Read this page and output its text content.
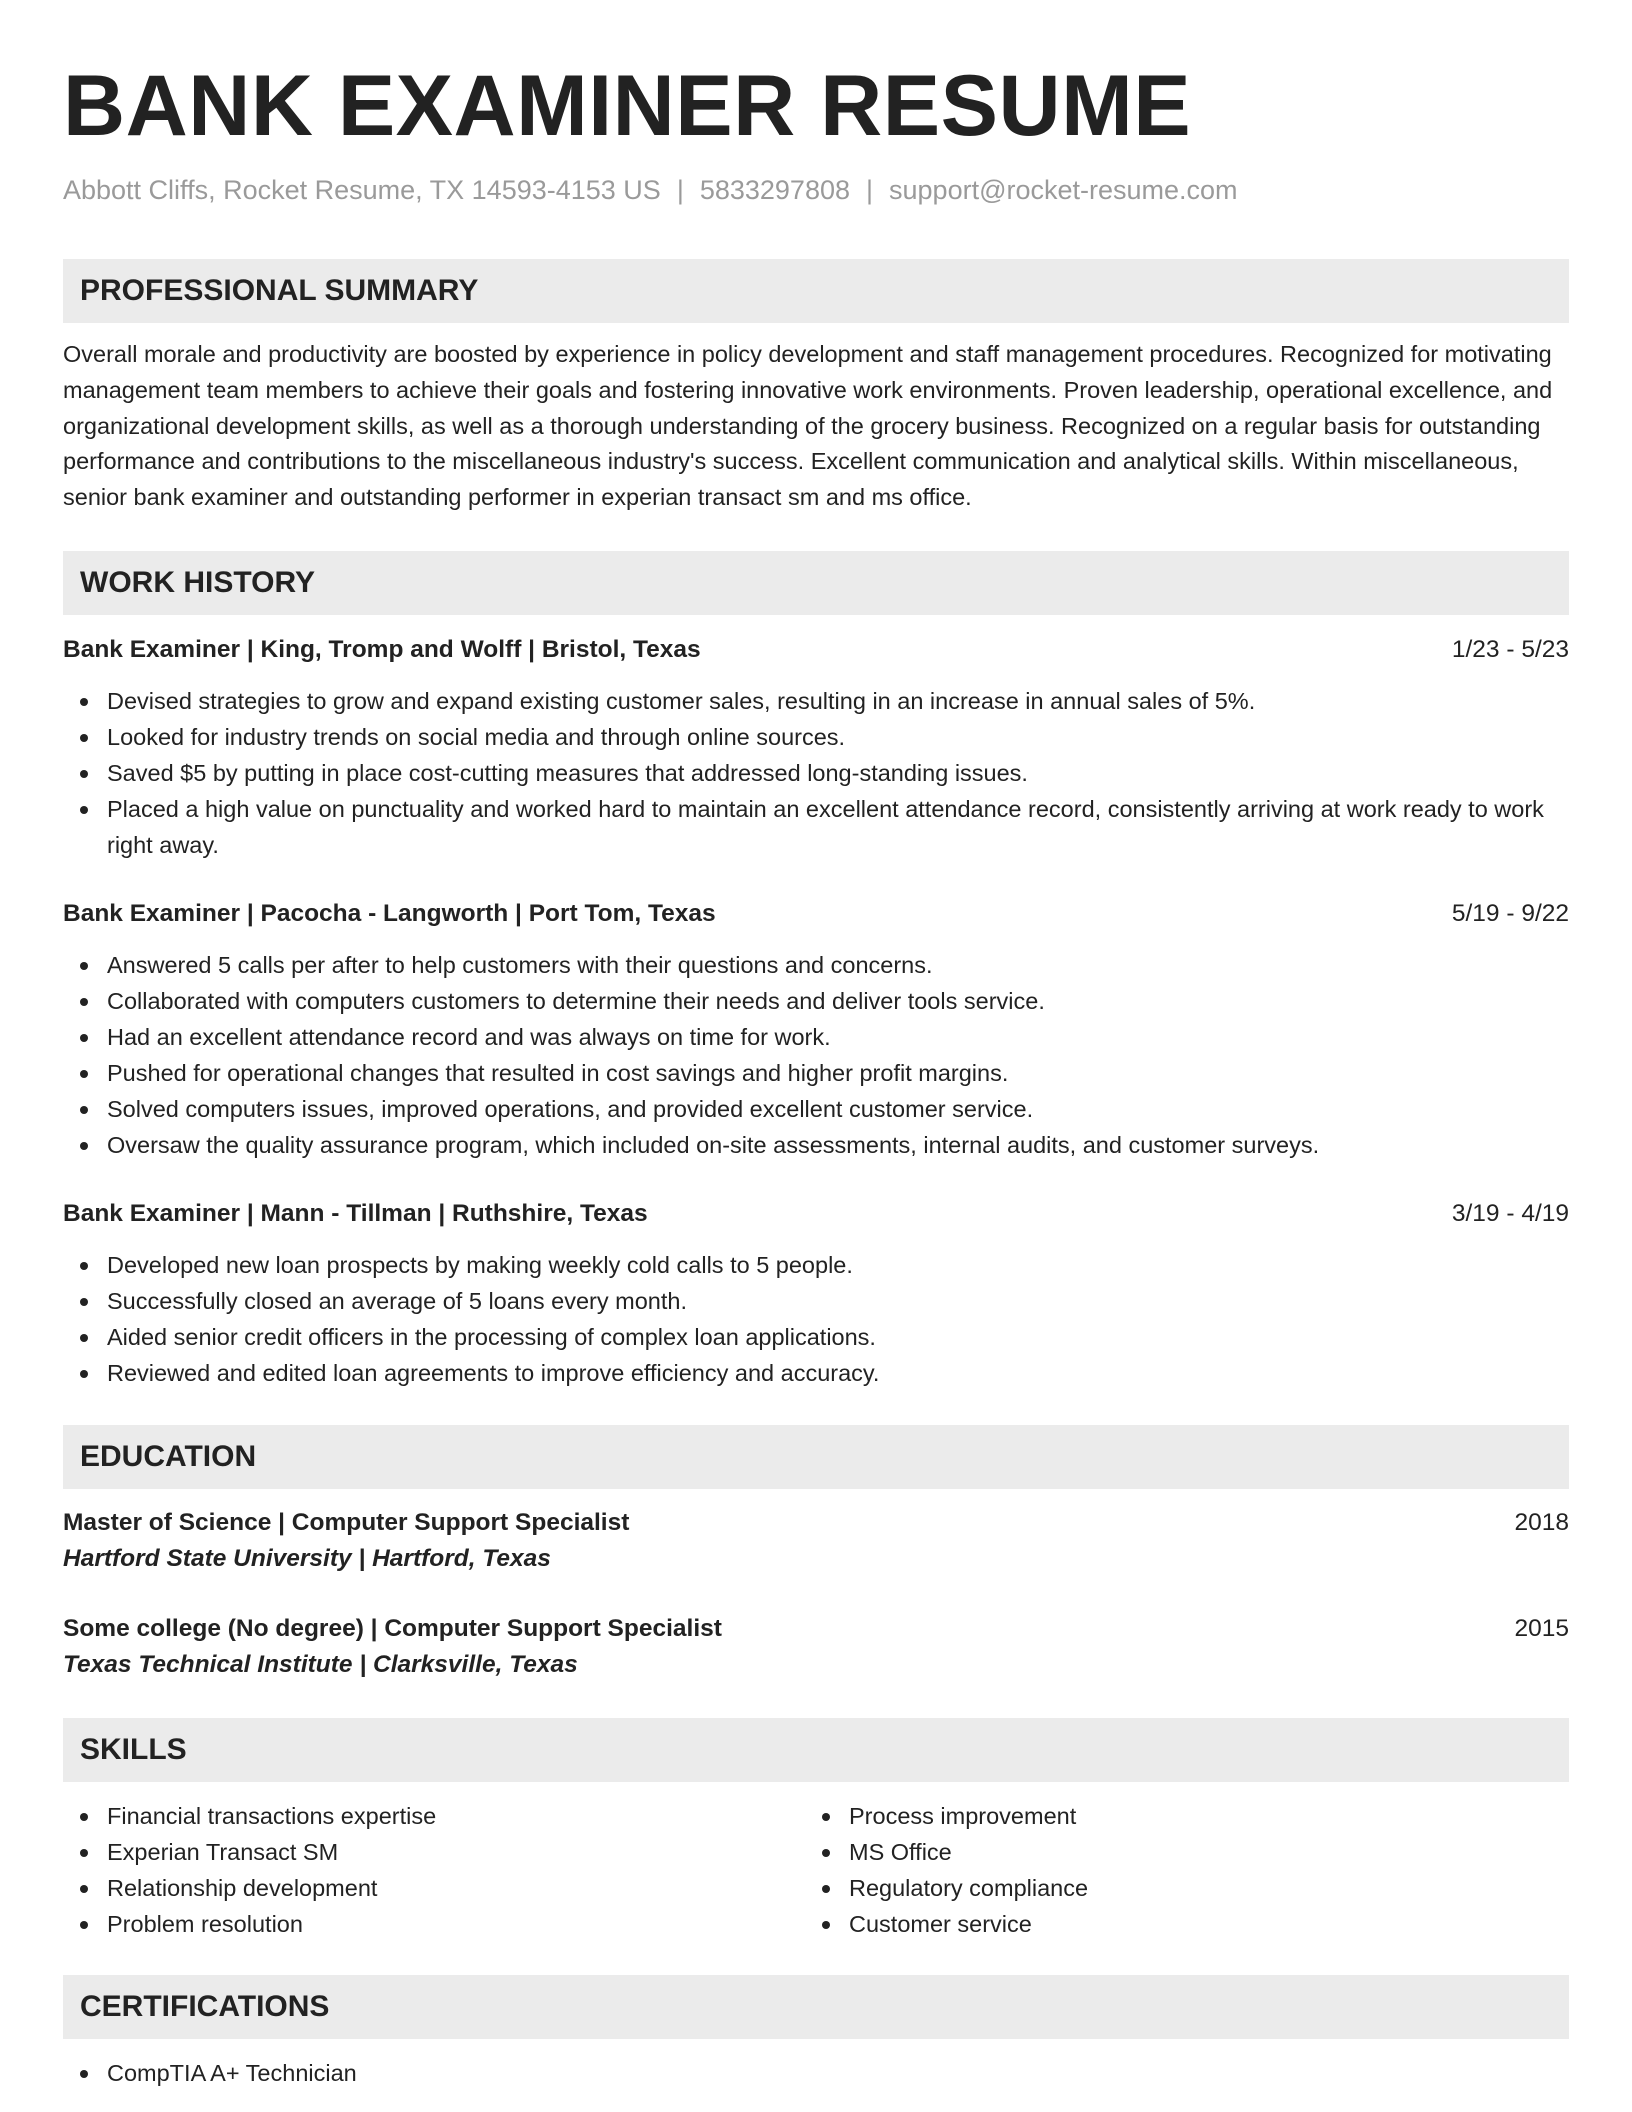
BANK EXAMINER RESUME
Abbott Cliffs, Rocket Resume, TX 14593-4153 US | 5833297808 | support@rocket-resume.com
PROFESSIONAL SUMMARY
Overall morale and productivity are boosted by experience in policy development and staff management procedures. Recognized for motivating management team members to achieve their goals and fostering innovative work environments. Proven leadership, operational excellence, and organizational development skills, as well as a thorough understanding of the grocery business. Recognized on a regular basis for outstanding performance and contributions to the miscellaneous industry's success. Excellent communication and analytical skills. Within miscellaneous, senior bank examiner and outstanding performer in experian transact sm and ms office.
WORK HISTORY
Bank Examiner | King, Tromp and Wolff | Bristol, Texas	1/23 - 5/23
Devised strategies to grow and expand existing customer sales, resulting in an increase in annual sales of 5%.
Looked for industry trends on social media and through online sources.
Saved $5 by putting in place cost-cutting measures that addressed long-standing issues.
Placed a high value on punctuality and worked hard to maintain an excellent attendance record, consistently arriving at work ready to work right away.
Bank Examiner | Pacocha - Langworth | Port Tom, Texas	5/19 - 9/22
Answered 5 calls per after to help customers with their questions and concerns.
Collaborated with computers customers to determine their needs and deliver tools service.
Had an excellent attendance record and was always on time for work.
Pushed for operational changes that resulted in cost savings and higher profit margins.
Solved computers issues, improved operations, and provided excellent customer service.
Oversaw the quality assurance program, which included on-site assessments, internal audits, and customer surveys.
Bank Examiner | Mann - Tillman | Ruthshire, Texas	3/19 - 4/19
Developed new loan prospects by making weekly cold calls to 5 people.
Successfully closed an average of 5 loans every month.
Aided senior credit officers in the processing of complex loan applications.
Reviewed and edited loan agreements to improve efficiency and accuracy.
EDUCATION
Master of Science | Computer Support Specialist	2018
Hartford State University | Hartford, Texas
Some college (No degree) | Computer Support Specialist	2015
Texas Technical Institute | Clarksville, Texas
SKILLS
Financial transactions expertise
Experian Transact SM
Relationship development
Problem resolution
Process improvement
MS Office
Regulatory compliance
Customer service
CERTIFICATIONS
CompTIA A+ Technician
